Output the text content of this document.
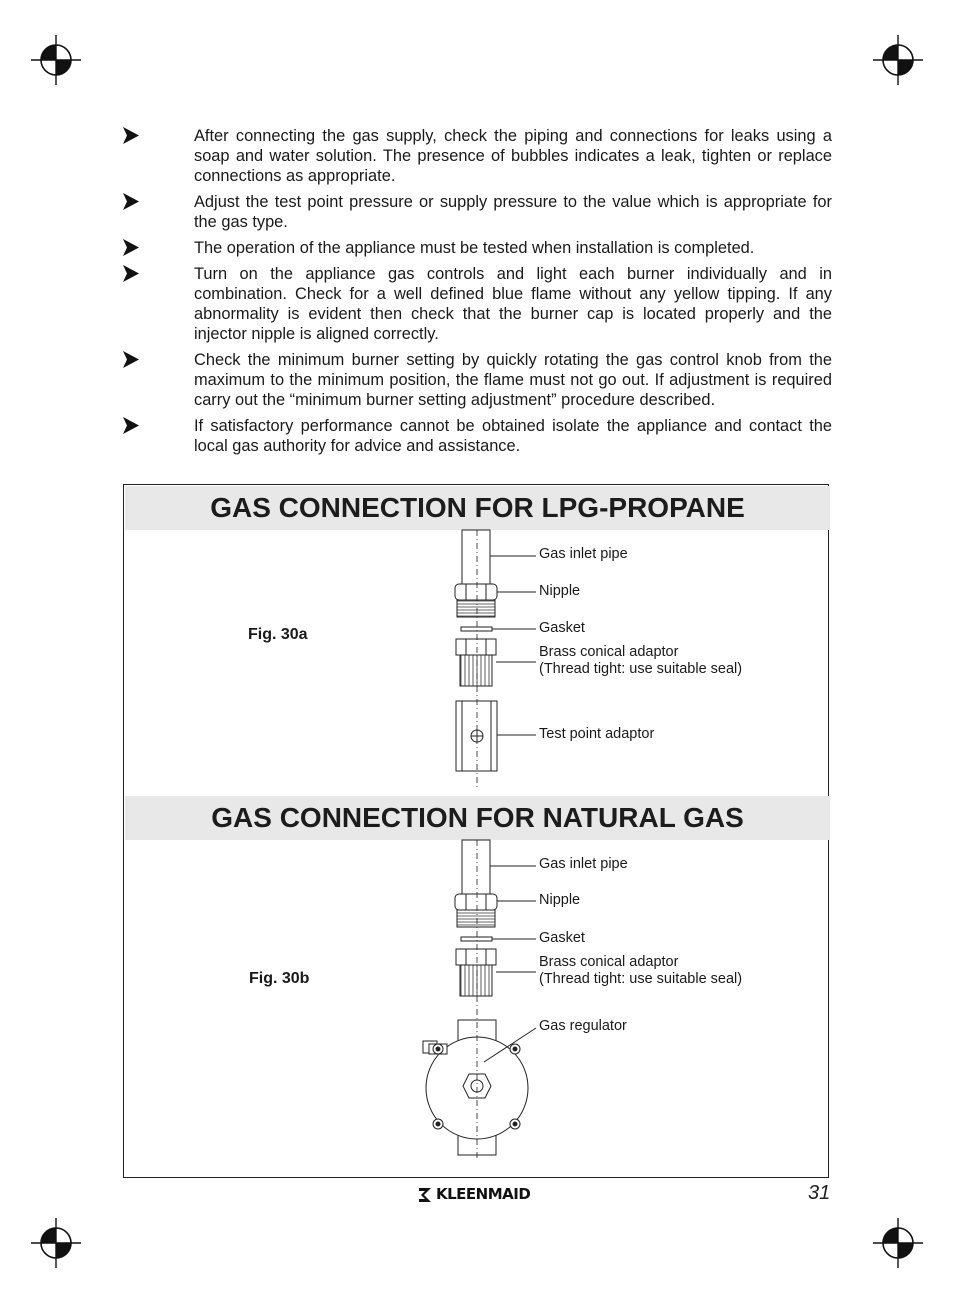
After connecting the gas supply, check the piping and connections for leaks using a soap and water solution. The presence of bubbles indicates a leak, tighten or replace connections as appropriate.
Adjust the test point pressure or supply pressure to the value which is appropriate for the gas type.
The operation of the appliance must be tested when installation is completed.
Turn on the appliance gas controls and light each burner individually and in combination. Check for a well defined blue flame without any yellow tipping. If any abnormality is evident then check that the burner cap is located properly and the injector nipple is aligned correctly.
Check the minimum burner setting by quickly rotating the gas control knob from the maximum to the minimum position, the flame must not go out. If adjustment is required carry out the “minimum burner setting adjustment” procedure described.
If satisfactory performance cannot be obtained isolate the appliance and contact the local gas authority for advice and assistance.
GAS CONNECTION FOR LPG-PROPANE
GAS CONNECTION FOR NATURAL GAS
Fig. 30a
Fig. 30b
Gas inlet pipe
Nipple
Gasket
Brass conical adaptor
(Thread tight: use suitable seal)
Test point adaptor
Gas inlet pipe
Nipple
Gasket
Brass conical adaptor
(Thread tight: use suitable seal)
Gas regulator
KLEENMAID	31
